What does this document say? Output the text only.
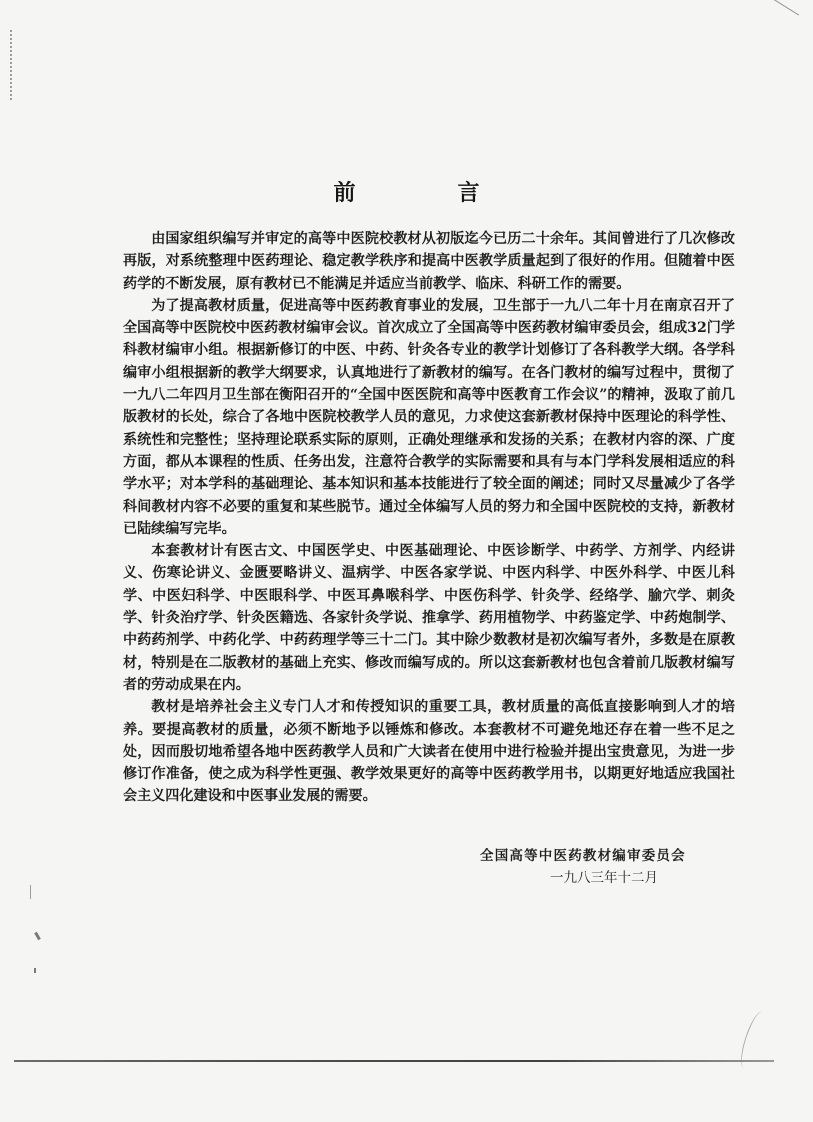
前　言

由国家组织编写并审定的高等中医院校教材从初版迄今已历二十余年。其间曾进行了几次修改再版，对系统整理中医药理论、稳定教学秩序和提高中医教学质量起到了很好的作用。但随着中医药学的不断发展，原有教材已不能满足并适应当前教学、临床、科研工作的需要。

为了提高教材质量，促进高等中医药教育事业的发展，卫生部于一九八二年十月在南京召开了全国高等中医院校中医药教材编审会议。首次成立了全国高等中医药教材编审委员会，组成32门学科教材编审小组。根据新修订的中医、中药、针灸各专业的教学计划修订了各科教学大纲。各学科编审小组根据新的教学大纲要求，认真地进行了新教材的编写。在各门教材的编写过程中，贯彻了一九八二年四月卫生部在衡阳召开的“全国中医医院和高等中医教育工作会议”的精神，汲取了前几版教材的长处，综合了各地中医院校教学人员的意见，力求使这套新教材保持中医理论的科学性、系统性和完整性；坚持理论联系实际的原则，正确处理继承和发扬的关系；在教材内容的深、广度方面，都从本课程的性质、任务出发，注意符合教学的实际需要和具有与本门学科发展相适应的科学水平；对本学科的基础理论、基本知识和基本技能进行了较全面的阐述；同时又尽量减少了各学科间教材内容不必要的重复和某些脱节。通过全体编写人员的努力和全国中医院校的支持，新教材已陆续编写完毕。

本套教材计有医古文、中国医学史、中医基础理论、中医诊断学、中药学、方剂学、内经讲义、伤寒论讲义、金匮要略讲义、温病学、中医各家学说、中医内科学、中医外科学、中医儿科学、中医妇科学、中医眼科学、中医耳鼻喉科学、中医伤科学、针灸学、经络学、腧穴学、刺灸学、针灸治疗学、针灸医籍选、各家针灸学说、推拿学、药用植物学、中药鉴定学、中药炮制学、中药药剂学、中药化学、中药药理学等三十二门。其中除少数教材是初次编写者外，多数是在原教材，特别是在二版教材的基础上充实、修改而编写成的。所以这套新教材也包含着前几版教材编写者的劳动成果在内。

教材是培养社会主义专门人才和传授知识的重要工具，教材质量的高低直接影响到人才的培养。要提高教材的质量，必须不断地予以锤炼和修改。本套教材不可避免地还存在着一些不足之处，因而殷切地希望各地中医药教学人员和广大读者在使用中进行检验并提出宝贵意见，为进一步修订作准备，使之成为科学性更强、教学效果更好的高等中医药教学用书，以期更好地适应我国社会主义四化建设和中医事业发展的需要。

全国高等中医药教材编审委员会
一九八三年十二月
